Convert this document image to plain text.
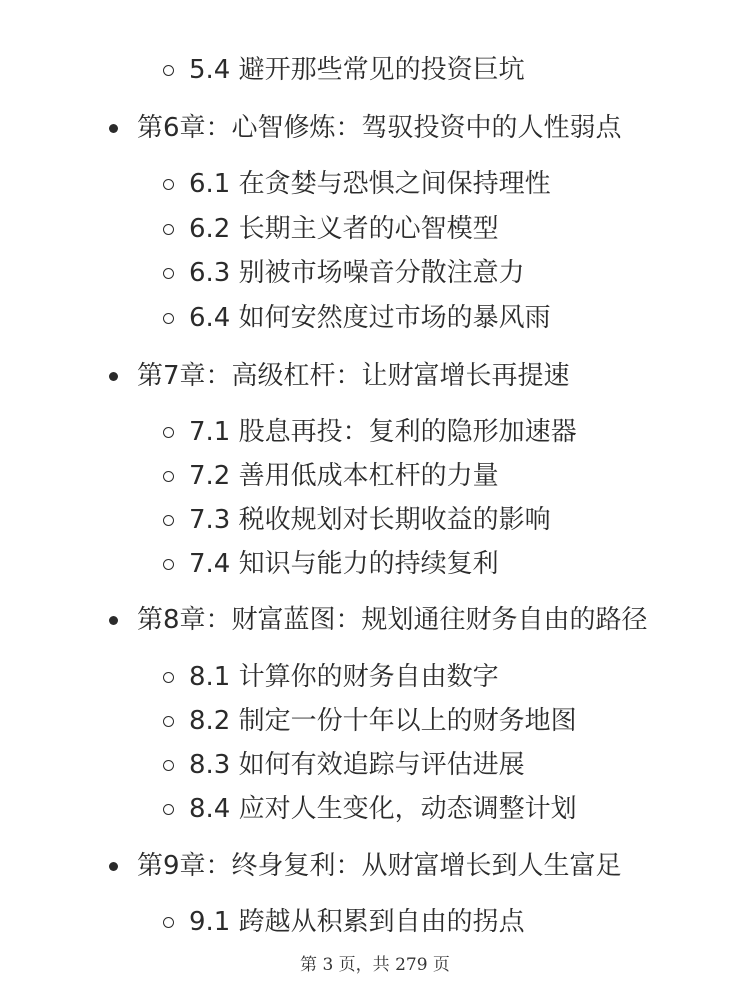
5.4 避开那些常见的投资巨坑
第6章：心智修炼：驾驭投资中的人性弱点
6.1 在贪婪与恐惧之间保持理性
6.2 长期主义者的心智模型
6.3 别被市场噪音分散注意力
6.4 如何安然度过市场的暴风雨
第7章：高级杠杆：让财富增长再提速
7.1 股息再投：复利的隐形加速器
7.2 善用低成本杠杆的力量
7.3 税收规划对长期收益的影响
7.4 知识与能力的持续复利
第8章：财富蓝图：规划通往财务自由的路径
8.1 计算你的财务自由数字
8.2 制定一份十年以上的财务地图
8.3 如何有效追踪与评估进展
8.4 应对人生变化，动态调整计划
第9章：终身复利：从财富增长到人生富足
9.1 跨越从积累到自由的拐点
第 3 页，共 279 页
